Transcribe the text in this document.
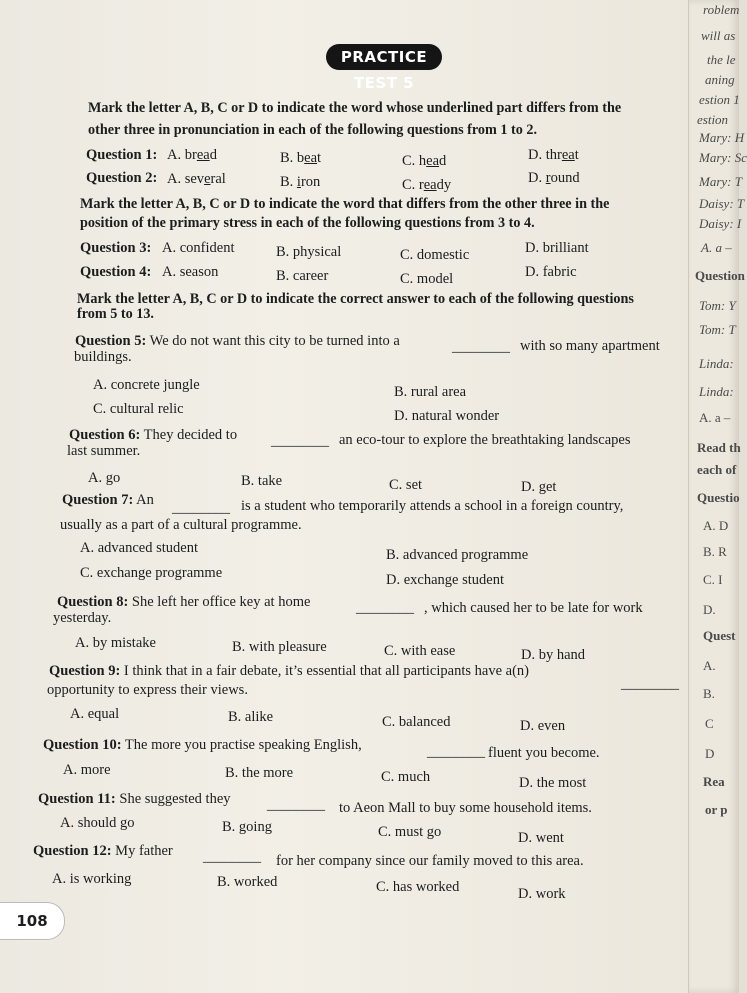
PRACTICE TEST 5
Mark the letter A, B, C or D to indicate the word whose underlined part differs from the
other three in pronunciation in each of the following questions from 1 to 2.
Question 1: A. bread	B. beat	C. head	D. threat
Question 2: A. several	B. iron	C. ready	D. round
Mark the letter A, B, C or D to indicate the word that differs from the other three in the
position of the primary stress in each of the following questions from 3 to 4.
Question 3: A. confident	B. physical	C. domestic	D. brilliant
Question 4: A. season	B. career	C. model	D. fabric
Mark the letter A, B, C or D to indicate the correct answer to each of the following questions
from 5 to 13.
Question 5: We do not want this city to be turned into a	________ with so many apartment
buildings.
A. concrete jungle	B. rural area
C. cultural relic	D. natural wonder
Question 6: They decided to ________ an eco-tour to explore the breathtaking landscapes
last summer.
A. go	B. take	C. set	D. get
Question 7: An ________ is a student who temporarily attends a school in a foreign country,
usually as a part of a cultural programme.
A. advanced student	B. advanced programme
C. exchange programme	D. exchange student
Question 8: She left her office key at home	________ , which caused her to be late for work
yesterday.
A. by mistake	B. with pleasure	C. with ease	D. by hand
Question 9: I think that in a fair debate, it’s essential that all participants have a(n)
________
opportunity to express their views.
A. equal	B. alike	C. balanced	D. even
Question 10: The more you practise speaking English,	________ fluent you become.
A. more	B. the more	C. much	D. the most
Question 11: She suggested they	________ to Aeon Mall to buy some household items.
A. should go	B. going	C. must go	D. went
Question 12: My father ________ for her company since our family moved to this area.
A. is working	B. worked	C. has worked	D. work
108
roblem
will as
the le
aning
estion 1
estion
Mary: H
Mary: Sc
Mary: T
Daisy: T
Daisy: I
A. a –
Question
Tom: Y
Tom: T
Linda:
Linda:
A. a –
Read th
each of
Questio
A. D
B. R
C. I
D.
Quest
A.
B.
C
D
Rea
or p
